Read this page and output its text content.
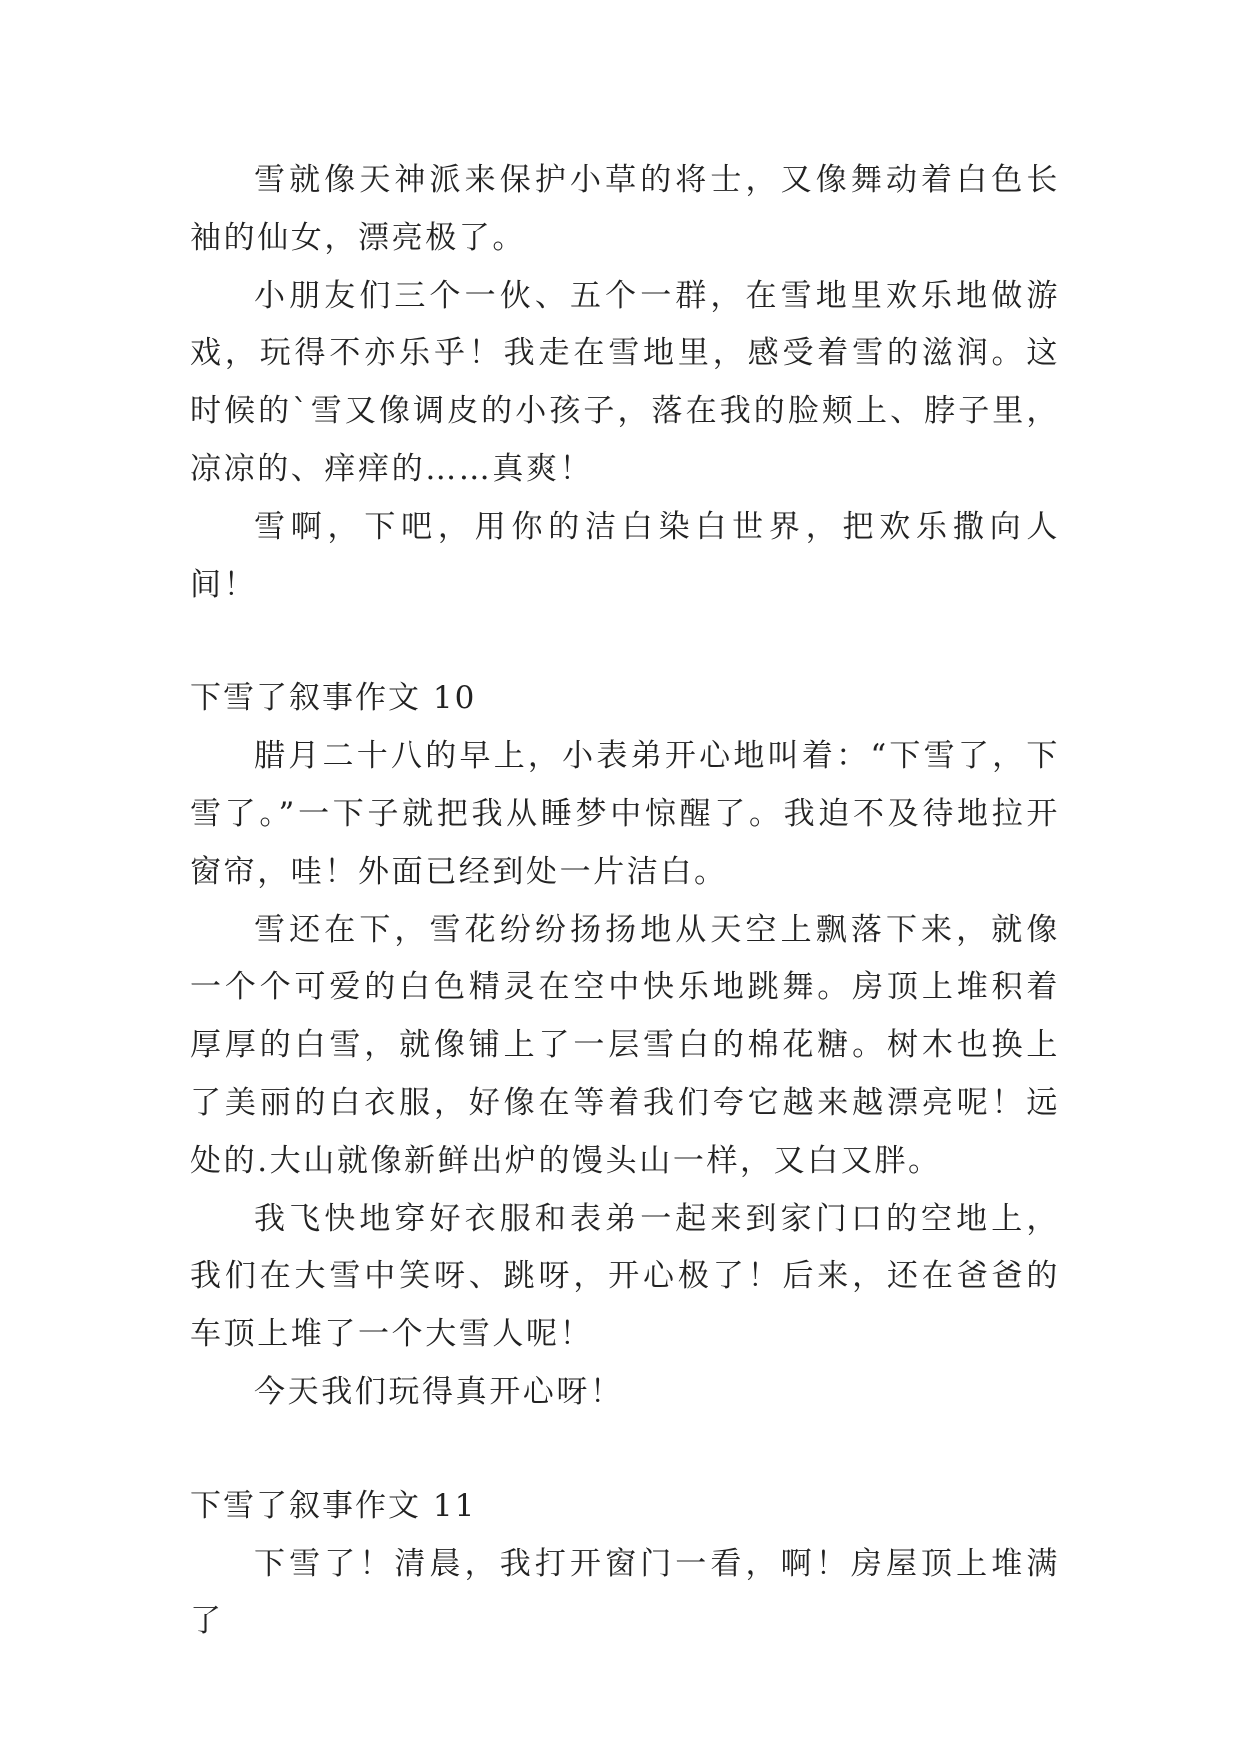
雪就像天神派来保护小草的将士，又像舞动着白色长袖的仙女，漂亮极了。

小朋友们三个一伙、五个一群，在雪地里欢乐地做游戏，玩得不亦乐乎！我走在雪地里，感受着雪的滋润。这时候的`雪又像调皮的小孩子，落在我的脸颊上、脖子里，凉凉的、痒痒的……真爽！

雪啊，下吧，用你的洁白染白世界，把欢乐撒向人间！

下雪了叙事作文 10

腊月二十八的早上，小表弟开心地叫着：“下雪了，下雪了。”一下子就把我从睡梦中惊醒了。我迫不及待地拉开窗帘，哇！外面已经到处一片洁白。

雪还在下，雪花纷纷扬扬地从天空上飘落下来，就像一个个可爱的白色精灵在空中快乐地跳舞。房顶上堆积着厚厚的白雪，就像铺上了一层雪白的棉花糖。树木也换上了美丽的白衣服，好像在等着我们夸它越来越漂亮呢！远处的.大山就像新鲜出炉的馒头山一样，又白又胖。

我飞快地穿好衣服和表弟一起来到家门口的空地上，我们在大雪中笑呀、跳呀，开心极了！后来，还在爸爸的车顶上堆了一个大雪人呢！

今天我们玩得真开心呀！

下雪了叙事作文 11

下雪了！清晨，我打开窗门一看，啊！房屋顶上堆满了
